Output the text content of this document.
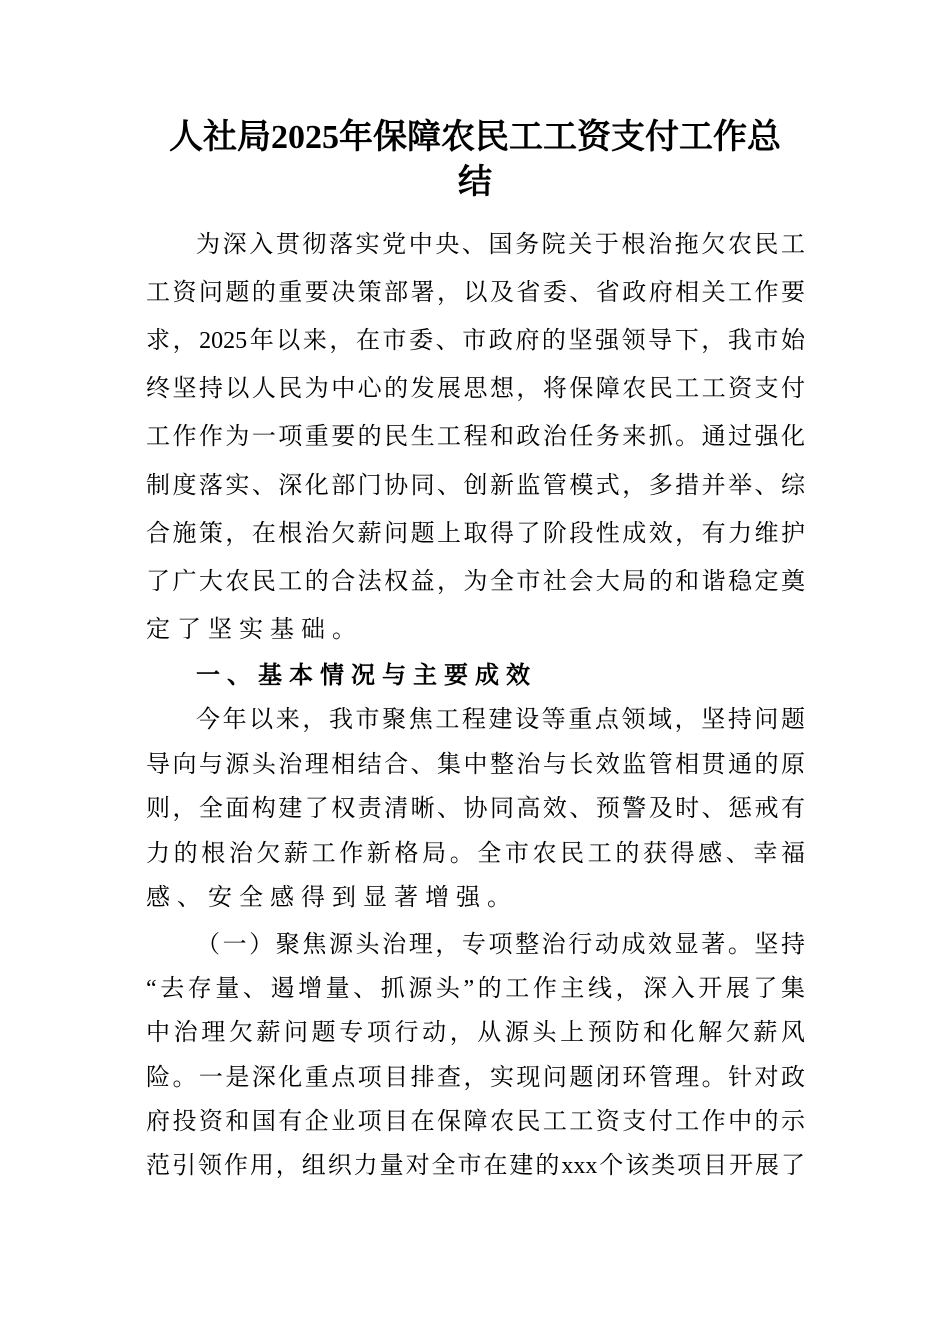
人社局2025年保障农民工工资支付工作总
结
为深入贯彻落实党中央、国务院关于根治拖欠农民工
工资问题的重要决策部署，以及省委、省政府相关工作要
求，2025年以来，在市委、市政府的坚强领导下，我市始
终坚持以人民为中心的发展思想，将保障农民工工资支付
工作作为一项重要的民生工程和政治任务来抓。通过强化
制度落实、深化部门协同、创新监管模式，多措并举、综
合施策，在根治欠薪问题上取得了阶段性成效，有力维护
了广大农民工的合法权益，为全市社会大局的和谐稳定奠
定了坚实基础。
一、基本情况与主要成效
今年以来，我市聚焦工程建设等重点领域，坚持问题
导向与源头治理相结合、集中整治与长效监管相贯通的原
则，全面构建了权责清晰、协同高效、预警及时、惩戒有
力的根治欠薪工作新格局。全市农民工的获得感、幸福
感、安全感得到显著增强。
（一）聚焦源头治理，专项整治行动成效显著。坚持
“去存量、遏增量、抓源头”的工作主线，深入开展了集
中治理欠薪问题专项行动，从源头上预防和化解欠薪风
险。一是深化重点项目排查，实现问题闭环管理。针对政
府投资和国有企业项目在保障农民工工资支付工作中的示
范引领作用，组织力量对全市在建的xxx个该类项目开展了
